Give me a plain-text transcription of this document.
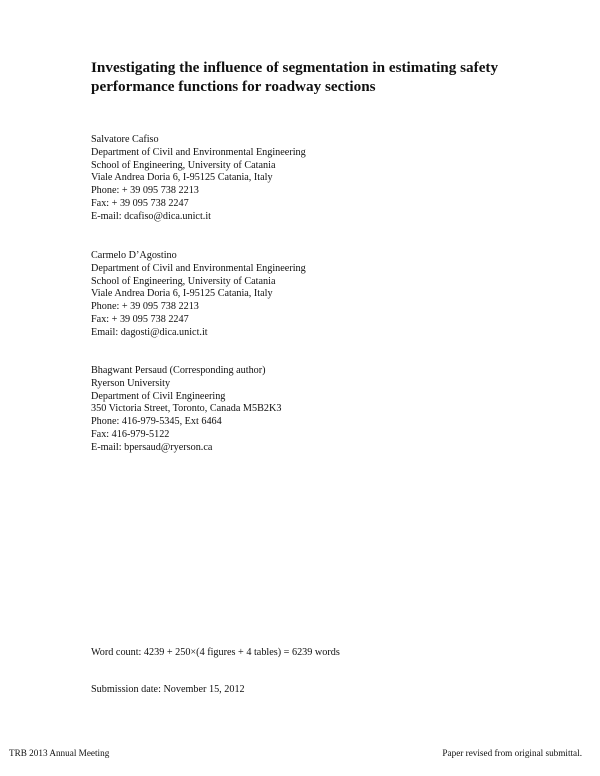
Investigating the influence of segmentation in estimating safety
performance functions for roadway sections
Salvatore Cafiso
Department of Civil and Environmental Engineering
School of Engineering, University of Catania
Viale Andrea Doria 6, I-95125 Catania, Italy
Phone: + 39 095 738 2213
Fax: + 39 095 738 2247
E-mail: dcafiso@dica.unict.it
Carmelo D’Agostino
Department of Civil and Environmental Engineering
School of Engineering, University of Catania
Viale Andrea Doria 6, I-95125 Catania, Italy
Phone: + 39 095 738 2213
Fax: + 39 095 738 2247
Email: dagosti@dica.unict.it
Bhagwant Persaud (Corresponding author)
Ryerson University
Department of Civil Engineering
350 Victoria Street, Toronto, Canada M5B2K3
Phone: 416-979-5345, Ext 6464
Fax: 416-979-5122
E-mail: bpersaud@ryerson.ca
Word count: 4239 + 250×(4 figures + 4 tables) = 6239 words
Submission date: November 15, 2012
TRB 2013 Annual Meeting	Paper revised from original submittal.
